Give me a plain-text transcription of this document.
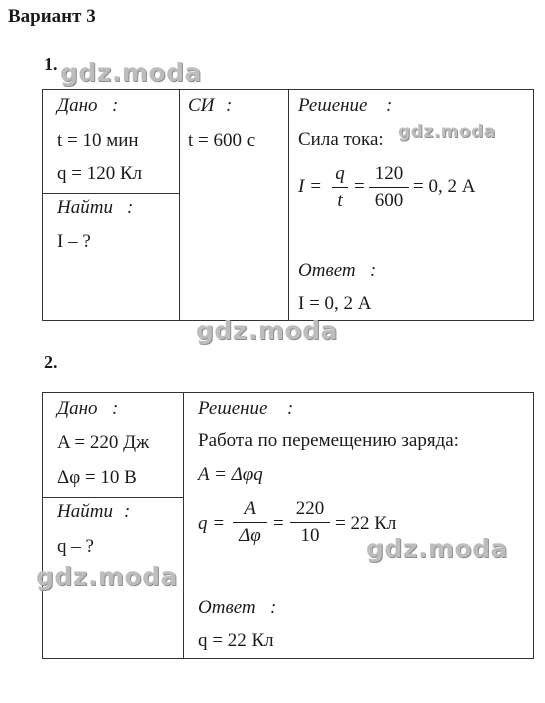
Вариант 3
1. gdz.moda
Дано :
t = 10 мин
q = 120 Кл
Найти :
I – ?
СИ :
t = 600 с
Решение :
Сила тока: gdz.moda
I =
q
t
=
120
600
= 0, 2 А
Ответ :
I = 0, 2 А
gdz.moda
2.
Дано :
A = 220 Дж
Δφ = 10 В
Найти :
q – ?
gdz.moda
Решение :
Работа по перемещению заряда:
A = Δφq
q =
A
Δφ
=
220
10
= 22 Кл
gdz.moda
Ответ :
q = 22 Кл
